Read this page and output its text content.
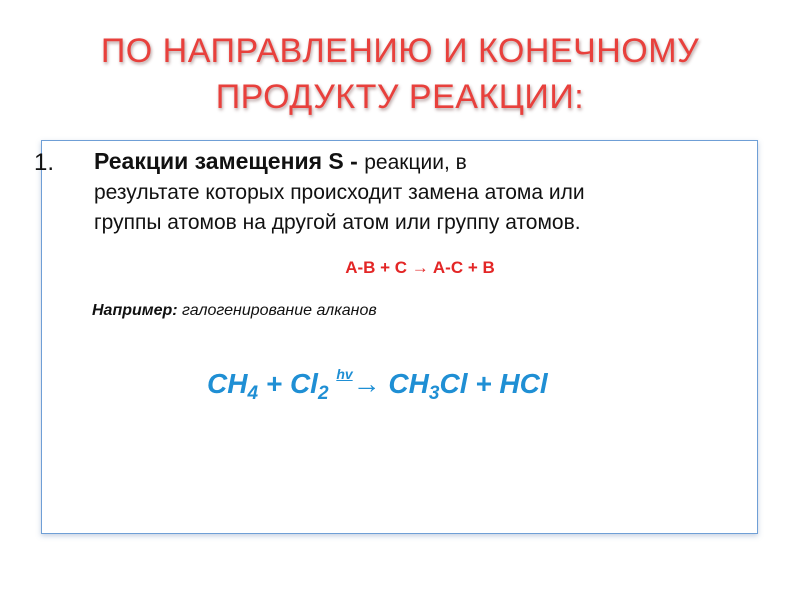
ПО НАПРАВЛЕНИЮ И КОНЕЧНОМУ
ПРОДУКТУ РЕАКЦИИ:
1. Реакции замещения S - реакции, в
результате которых происходит замена атома или
группы атомов на другой атом или группу атомов.
A-B + C → A-C + B
Например: галогенирование алканов
$CH_4 + Cl_2$ $^{hv}\to CH_3Cl$ + HCl
